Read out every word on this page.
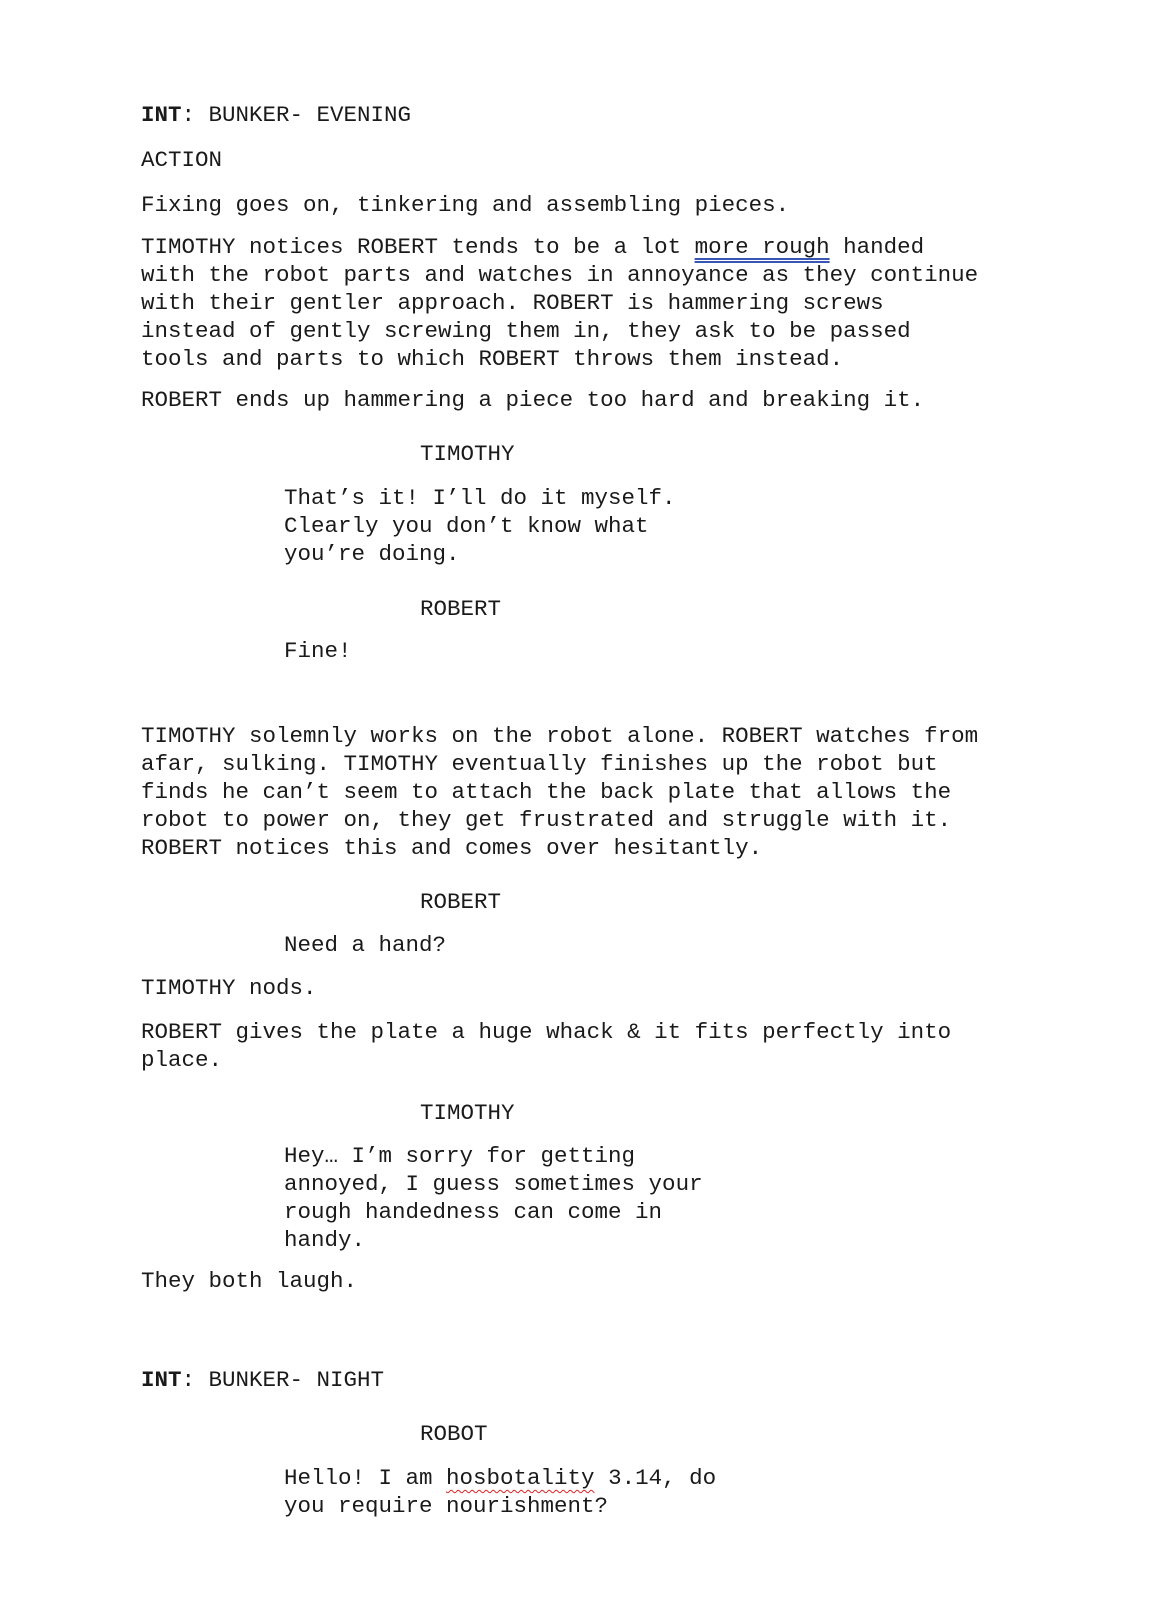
INT: BUNKER- EVENING
ACTION
Fixing goes on, tinkering and assembling pieces.
TIMOTHY notices ROBERT tends to be a lot more rough handed
with the robot parts and watches in annoyance as they continue
with their gentler approach. ROBERT is hammering screws
instead of gently screwing them in, they ask to be passed
tools and parts to which ROBERT throws them instead.
ROBERT ends up hammering a piece too hard and breaking it.
TIMOTHY
That’s it! I’ll do it myself.
Clearly you don’t know what
you’re doing.
ROBERT
Fine!
TIMOTHY solemnly works on the robot alone. ROBERT watches from
afar, sulking. TIMOTHY eventually finishes up the robot but
finds he can’t seem to attach the back plate that allows the
robot to power on, they get frustrated and struggle with it.
ROBERT notices this and comes over hesitantly.
ROBERT
Need a hand?
TIMOTHY nods.
ROBERT gives the plate a huge whack & it fits perfectly into
place.
TIMOTHY
Hey… I’m sorry for getting
annoyed, I guess sometimes your
rough handedness can come in
handy.
They both laugh.
INT: BUNKER- NIGHT
ROBOT
Hello! I am hosbotality 3.14, do
you require nourishment?
